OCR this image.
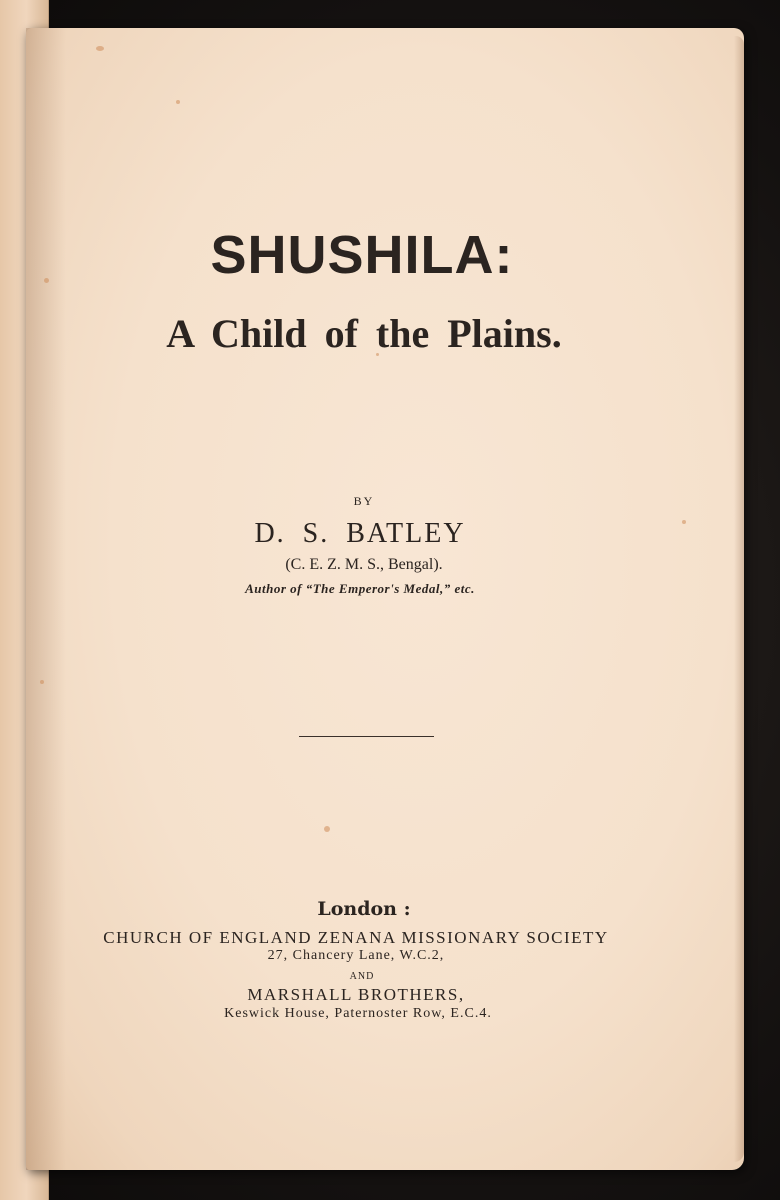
SHUSHILA:
A Child of the Plains.

BY

D. S. BATLEY

(C. E. Z. M. S., Bengal).

Author of “The Emperor's Medal,” etc.

London :

CHURCH OF ENGLAND ZENANA MISSIONARY SOCIETY

27, Chancery Lane, W.C.2,

AND

MARSHALL BROTHERS,

Keswick House, Paternoster Row, E.C.4.
